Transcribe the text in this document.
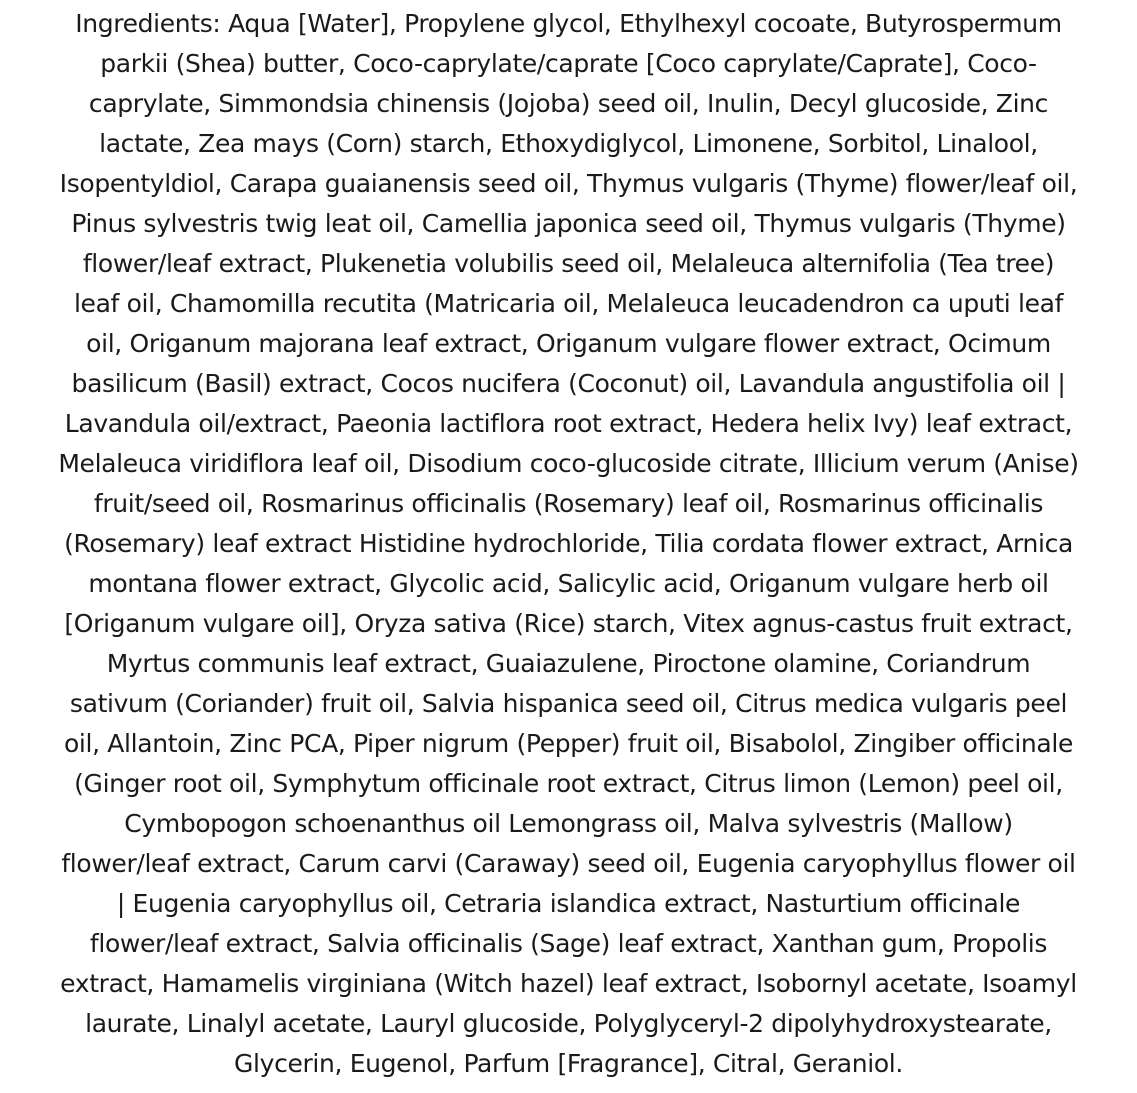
Ingredients: Aqua [Water], Propylene glycol, Ethylhexyl cocoate, Butyrospermum
parkii (Shea) butter, Coco-caprylate/caprate [Coco caprylate/Caprate], Coco-
caprylate, Simmondsia chinensis (Jojoba) seed oil, Inulin, Decyl glucoside, Zinc
lactate, Zea mays (Corn) starch, Ethoxydiglycol, Limonene, Sorbitol, Linalool,
Isopentyldiol, Carapa guaianensis seed oil, Thymus vulgaris (Thyme) flower/leaf oil,
Pinus sylvestris twig leat oil, Camellia japonica seed oil, Thymus vulgaris (Thyme)
flower/leaf extract, Plukenetia volubilis seed oil, Melaleuca alternifolia (Tea tree)
leaf oil, Chamomilla recutita (Matricaria oil, Melaleuca leucadendron ca uputi leaf
oil, Origanum majorana leaf extract, Origanum vulgare flower extract, Ocimum
basilicum (Basil) extract, Cocos nucifera (Coconut) oil, Lavandula angustifolia oil |
Lavandula oil/extract, Paeonia lactiflora root extract, Hedera helix Ivy) leaf extract,
Melaleuca viridiflora leaf oil, Disodium coco-glucoside citrate, Illicium verum (Anise)
fruit/seed oil, Rosmarinus officinalis (Rosemary) leaf oil, Rosmarinus officinalis
(Rosemary) leaf extract Histidine hydrochloride, Tilia cordata flower extract, Arnica
montana flower extract, Glycolic acid, Salicylic acid, Origanum vulgare herb oil
[Origanum vulgare oil], Oryza sativa (Rice) starch, Vitex agnus-castus fruit extract,
Myrtus communis leaf extract, Guaiazulene, Piroctone olamine, Coriandrum
sativum (Coriander) fruit oil, Salvia hispanica seed oil, Citrus medica vulgaris peel
oil, Allantoin, Zinc PCA, Piper nigrum (Pepper) fruit oil, Bisabolol, Zingiber officinale
(Ginger root oil, Symphytum officinale root extract, Citrus limon (Lemon) peel oil,
Cymbopogon schoenanthus oil Lemongrass oil, Malva sylvestris (Mallow)
flower/leaf extract, Carum carvi (Caraway) seed oil, Eugenia caryophyllus flower oil
| Eugenia caryophyllus oil, Cetraria islandica extract, Nasturtium officinale
flower/leaf extract, Salvia officinalis (Sage) leaf extract, Xanthan gum, Propolis
extract, Hamamelis virginiana (Witch hazel) leaf extract, Isobornyl acetate, Isoamyl
laurate, Linalyl acetate, Lauryl glucoside, Polyglyceryl-2 dipolyhydroxystearate,
Glycerin, Eugenol, Parfum [Fragrance], Citral, Geraniol.
